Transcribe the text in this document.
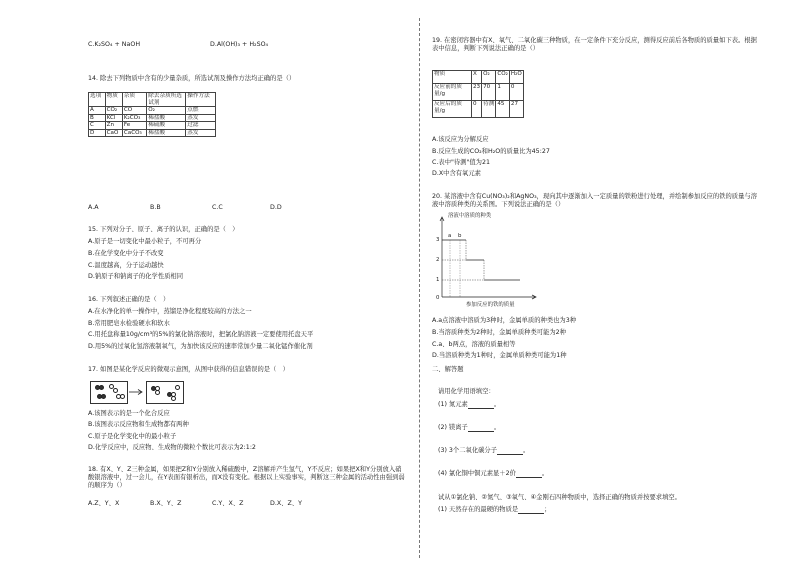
C.K₂SO₄ + NaOH	D.Al(OH)₃ + H₂SO₄
14. 除去下列物质中含有的少量杂质，所选试剂及操作方法均正确的是（）
选项	物质	杂质	除去杂质所选试剂	操作方法
A	CO₂	CO	O₂	点燃
B	KCl	K₂CO₃	稀盐酸	蒸发
C	Zn	Fe	稀硫酸	过滤
D	CaO	CaCO₃	稀盐酸	蒸发
A.A	B.B	C.C	D.D
15. 下列对分子、原子、离子的认识，正确的是（　）
A.原子是一切变化中最小粒子，不可再分
B.在化学变化中分子不改变
C.温度越高，分子运动越快
D.钠原子和钠离子的化学性质相同
16. 下列叙述正确的是（　）
A.在水净化的单一操作中，蒸馏是净化程度较高的方法之一
B.常用肥皂水检验硬水和软水
C.用托盘称量10g/cm³的5%的氯化钠溶液时，把氯化钠溶液一定要使用托盘天平
D.用5%的过氧化氢溶液制氧气，为加快该反应的速率常加少量二氧化锰作催化剂
17. 如图是某化学反应的微观示意图，从图中获得的信息错误的是（　）
A.该图表示的是一个化合反应
B.该图表示反应物和生成物都有两种
C.原子是化学变化中的最小粒子
D.化学反应中，反应物、生成物的微粒个数比可表示为2:1:2
18. 有X、Y、Z三种金属，如果把Z和Y分别放入稀硫酸中，Z溶解并产生氢气，Y不反应；如果把X和Y分别放入硝酸银溶液中，过一会儿，在Y表面有银析出，而X没有变化。根据以上实验事实，判断这三种金属的活动性由强到弱的顺序为（）
A.Z、Y、X	B.X、Y、Z	C.Y、X、Z	D.X、Z、Y
19. 在密闭容器中有X、氧气、二氧化碳三种物质，在一定条件下充分反应，测得反应前后各物质的质量如下表。根据表中信息，判断下列说法正确的是（）
物质	X	O₂	CO₂	H₂O
反应前的质量/g	23	70	1	0
反应后的质量/g	0	待测	45	27
A.该反应为分解反应
B.反应生成的CO₂和H₂O的质量比为45:27
C.表中"待测"值为21
D.X中含有氧元素
20. 某溶液中含有Cu(NO₃)₂和AgNO₃，现向其中逐渐加入一定质量的铁粉进行处理，并绘制参加反应的铁的质量与溶液中溶质种类的关系图。下列说法正确的是（）
溶液中溶质的种类
3
2
1
0
a b
参加反应的铁的质量
A.a点溶液中溶质为3种时，金属单质的种类也为3种
B.当溶质种类为2种时，金属单质种类可能为2种
C.a、b两点，溶液的质量相等
D.当溶质种类为1种时，金属单质种类可能为1种
二、解答题
请用化学用语填空：
(1) 氮元素	。
(2) 镁离子	。
(3) 3个二氧化碳分子	。
(4) 氯化铜中铜元素显＋2价	。
试从①氯化钠、②氮气、③氧气、④金刚石四种物质中，选择正确的物质并按要求填空。
(1) 天然存在的最硬的物质是	；
